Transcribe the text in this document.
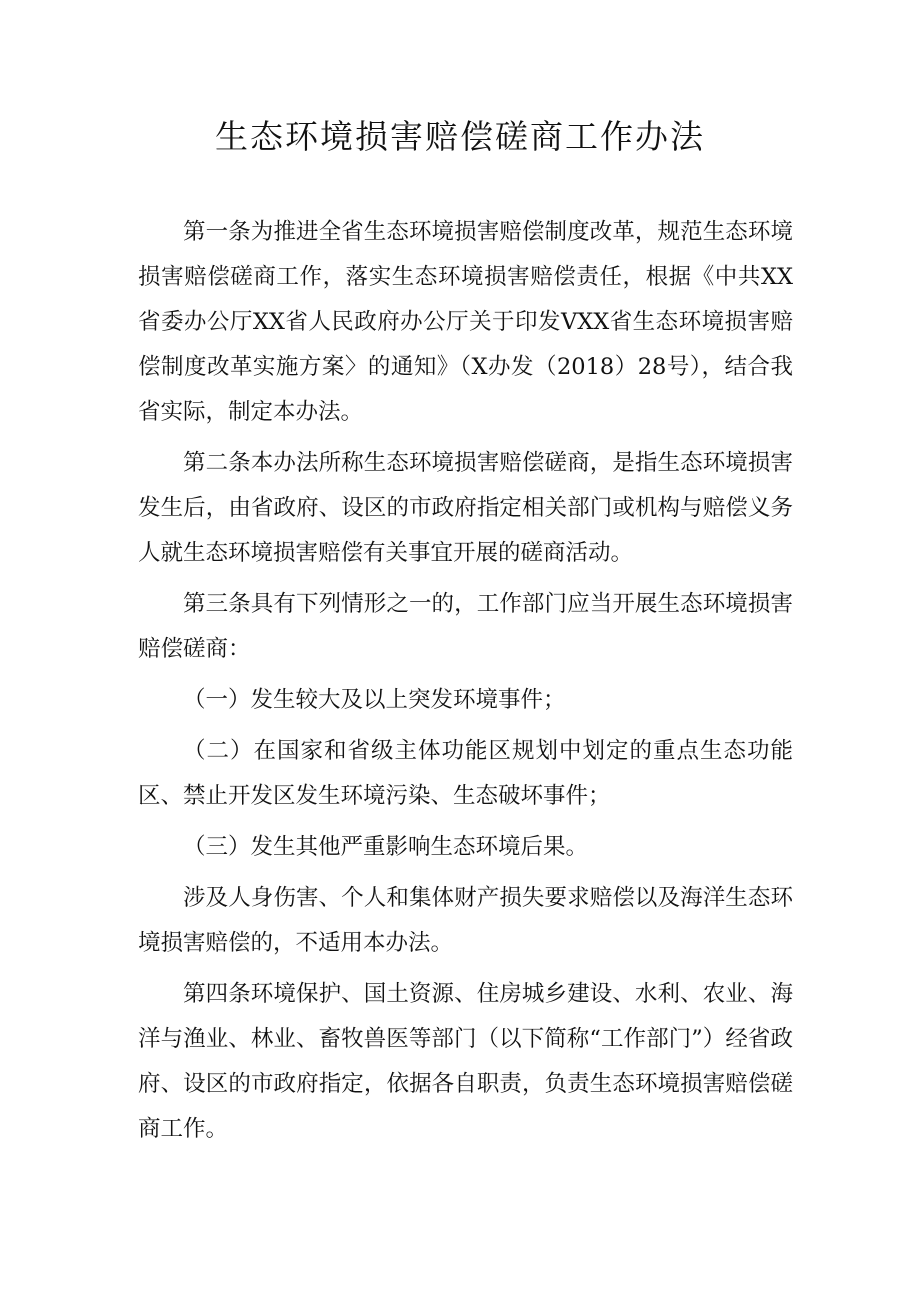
生态环境损害赔偿磋商工作办法

第一条为推进全省生态环境损害赔偿制度改革，规范生态环境损害赔偿磋商工作，落实生态环境损害赔偿责任，根据《中共XX省委办公厅XX省人民政府办公厅关于印发VXX省生态环境损害赔偿制度改革实施方案〉的通知》（X办发（2018）28号），结合我省实际，制定本办法。

第二条本办法所称生态环境损害赔偿磋商，是指生态环境损害发生后，由省政府、设区的市政府指定相关部门或机构与赔偿义务人就生态环境损害赔偿有关事宜开展的磋商活动。

第三条具有下列情形之一的，工作部门应当开展生态环境损害赔偿磋商：

（一）发生较大及以上突发环境事件；

（二）在国家和省级主体功能区规划中划定的重点生态功能区、禁止开发区发生环境污染、生态破坏事件；

（三）发生其他严重影响生态环境后果。

涉及人身伤害、个人和集体财产损失要求赔偿以及海洋生态环境损害赔偿的，不适用本办法。

第四条环境保护、国土资源、住房城乡建设、水利、农业、海洋与渔业、林业、畜牧兽医等部门（以下简称“工作部门”）经省政府、设区的市政府指定，依据各自职责，负责生态环境损害赔偿磋商工作。
